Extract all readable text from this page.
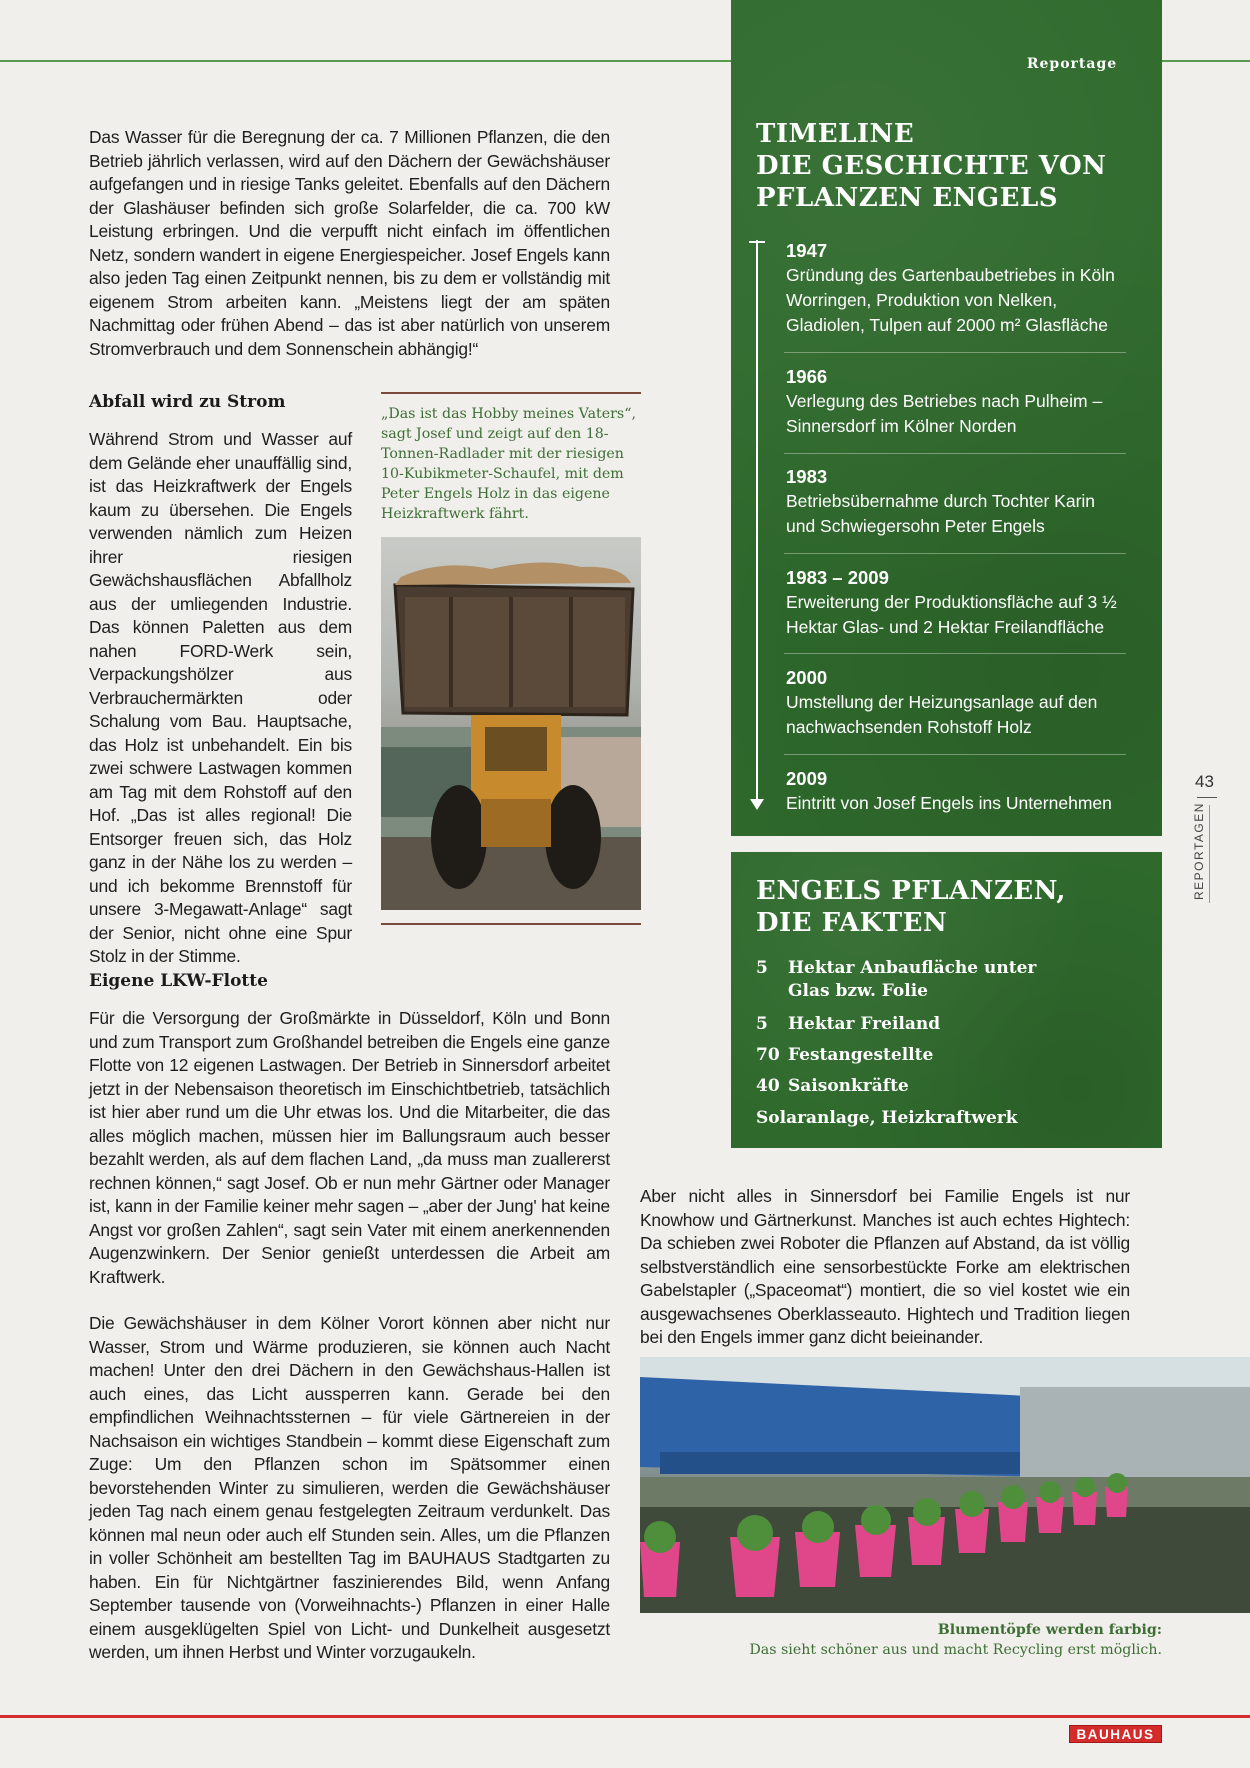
Reportage
TIMELINE
DIE GESCHICHTE VON
PFLANZEN ENGELS
1947
Gründung des Gartenbaubetriebes in Köln Worringen, Produktion von Nelken, Gladiolen, Tulpen auf 2000 m² Glasfläche
1966
Verlegung des Betriebes nach Pulheim – Sinnersdorf im Kölner Norden
1983
Betriebsübernahme durch Tochter Karin und Schwiegersohn Peter Engels
1983 – 2009
Erweiterung der Produktionsfläche auf 3 ½ Hektar Glas- und 2 Hektar Freilandfläche
2000
Umstellung der Heizungsanlage auf den nachwachsenden Rohstoff Holz
2009
Eintritt von Josef Engels ins Unternehmen
ENGELS PFLANZEN,
DIE FAKTEN
5 Hektar Anbaufläche unter
Glas bzw. Folie
5 Hektar Freiland
70 Festangestellte
40 Saisonkräfte
Solaranlage, Heizkraftwerk

Das Wasser für die Beregnung der ca. 7 Millionen Pflanzen, die den Betrieb jährlich verlassen, wird auf den Dächern der Gewächshäuser aufgefangen und in riesige Tanks geleitet. Ebenfalls auf den Dächern der Glashäuser befinden sich große Solarfelder, die ca. 700 kW Leistung erbringen. Und die verpufft nicht einfach im öffentlichen Netz, sondern wandert in eigene Energiespeicher. Josef Engels kann also jeden Tag einen Zeitpunkt nennen, bis zu dem er vollständig mit eigenem Strom arbeiten kann. „Meistens liegt der am späten Nachmittag oder frühen Abend – das ist aber natürlich von unserem Stromverbrauch und dem Sonnenschein abhängig!“

Abfall wird zu Strom

Während Strom und Wasser auf dem Gelände eher unauffällig sind, ist das Heizkraftwerk der Engels kaum zu übersehen. Die Engels verwenden nämlich zum Heizen ihrer riesigen Gewächshausflächen Abfallholz aus der umliegenden Industrie. Das können Paletten aus dem nahen FORD-Werk sein, Verpackungshölzer aus Verbrauchermärkten oder Schalung vom Bau. Hauptsache, das Holz ist unbehandelt. Ein bis zwei schwere Lastwagen kommen am Tag mit dem Rohstoff auf den Hof. „Das ist alles regional! Die Entsorger freuen sich, das Holz ganz in der Nähe los zu werden – und ich bekomme Brennstoff für unsere 3-Megawatt-Anlage“ sagt der Senior, nicht ohne eine Spur Stolz in der Stimme.

Eigene LKW-Flotte

Für die Versorgung der Großmärkte in Düsseldorf, Köln und Bonn und zum Transport zum Großhandel betreiben die Engels eine ganze Flotte von 12 eigenen Lastwagen. Der Betrieb in Sinnersdorf arbeitet jetzt in der Nebensaison theoretisch im Einschichtbetrieb, tatsächlich ist hier aber rund um die Uhr etwas los. Und die Mitarbeiter, die das alles möglich machen, müssen hier im Ballungsraum auch besser bezahlt werden, als auf dem flachen Land, „da muss man zuallererst rechnen können,“ sagt Josef. Ob er nun mehr Gärtner oder Manager ist, kann in der Familie keiner mehr sagen – „aber der Jung' hat keine Angst vor großen Zahlen“, sagt sein Vater mit einem anerkennenden Augenzwinkern. Der Senior genießt unterdessen die Arbeit am Kraftwerk.

Die Gewächshäuser in dem Kölner Vorort können aber nicht nur Wasser, Strom und Wärme produzieren, sie können auch Nacht machen! Unter den drei Dächern in den Gewächshaus-Hallen ist auch eines, das Licht aussperren kann. Gerade bei den empfindlichen Weihnachtssternen – für viele Gärtnereien in der Nachsaison ein wichtiges Standbein – kommt diese Eigenschaft zum Zuge: Um den Pflanzen schon im Spätsommer einen bevorstehenden Winter zu simulieren, werden die Gewächshäuser jeden Tag nach einem genau festgelegten Zeitraum verdunkelt. Das können mal neun oder auch elf Stunden sein. Alles, um die Pflanzen in voller Schönheit am bestellten Tag im BAUHAUS Stadtgarten zu haben. Ein für Nichtgärtner faszinierendes Bild, wenn Anfang September tausende von (Vorweihnachts-) Pflanzen in einer Halle einem ausgeklügelten Spiel von Licht- und Dunkelheit ausgesetzt werden, um ihnen Herbst und Winter vorzugaukeln.

„Das ist das Hobby meines Vaters“, sagt Josef und zeigt auf den 18-Tonnen-Radlader mit der riesigen 10-Kubikmeter-Schaufel, mit dem Peter Engels Holz in das eigene Heizkraftwerk fährt.

Aber nicht alles in Sinnersdorf bei Familie Engels ist nur Knowhow und Gärtnerkunst. Manches ist auch echtes Hightech: Da schieben zwei Roboter die Pflanzen auf Abstand, da ist völlig selbstverständlich eine sensorbestückte Forke am elektrischen Gabelstapler („Spaceomat“) montiert, die so viel kostet wie ein ausgewachsenes Oberklasseauto. Hightech und Tradition liegen bei den Engels immer ganz dicht beieinander.

Blumentöpfe werden farbig:
Das sieht schöner aus und macht Recycling erst möglich.
43
REPORTAGEN
BAUHAUS
